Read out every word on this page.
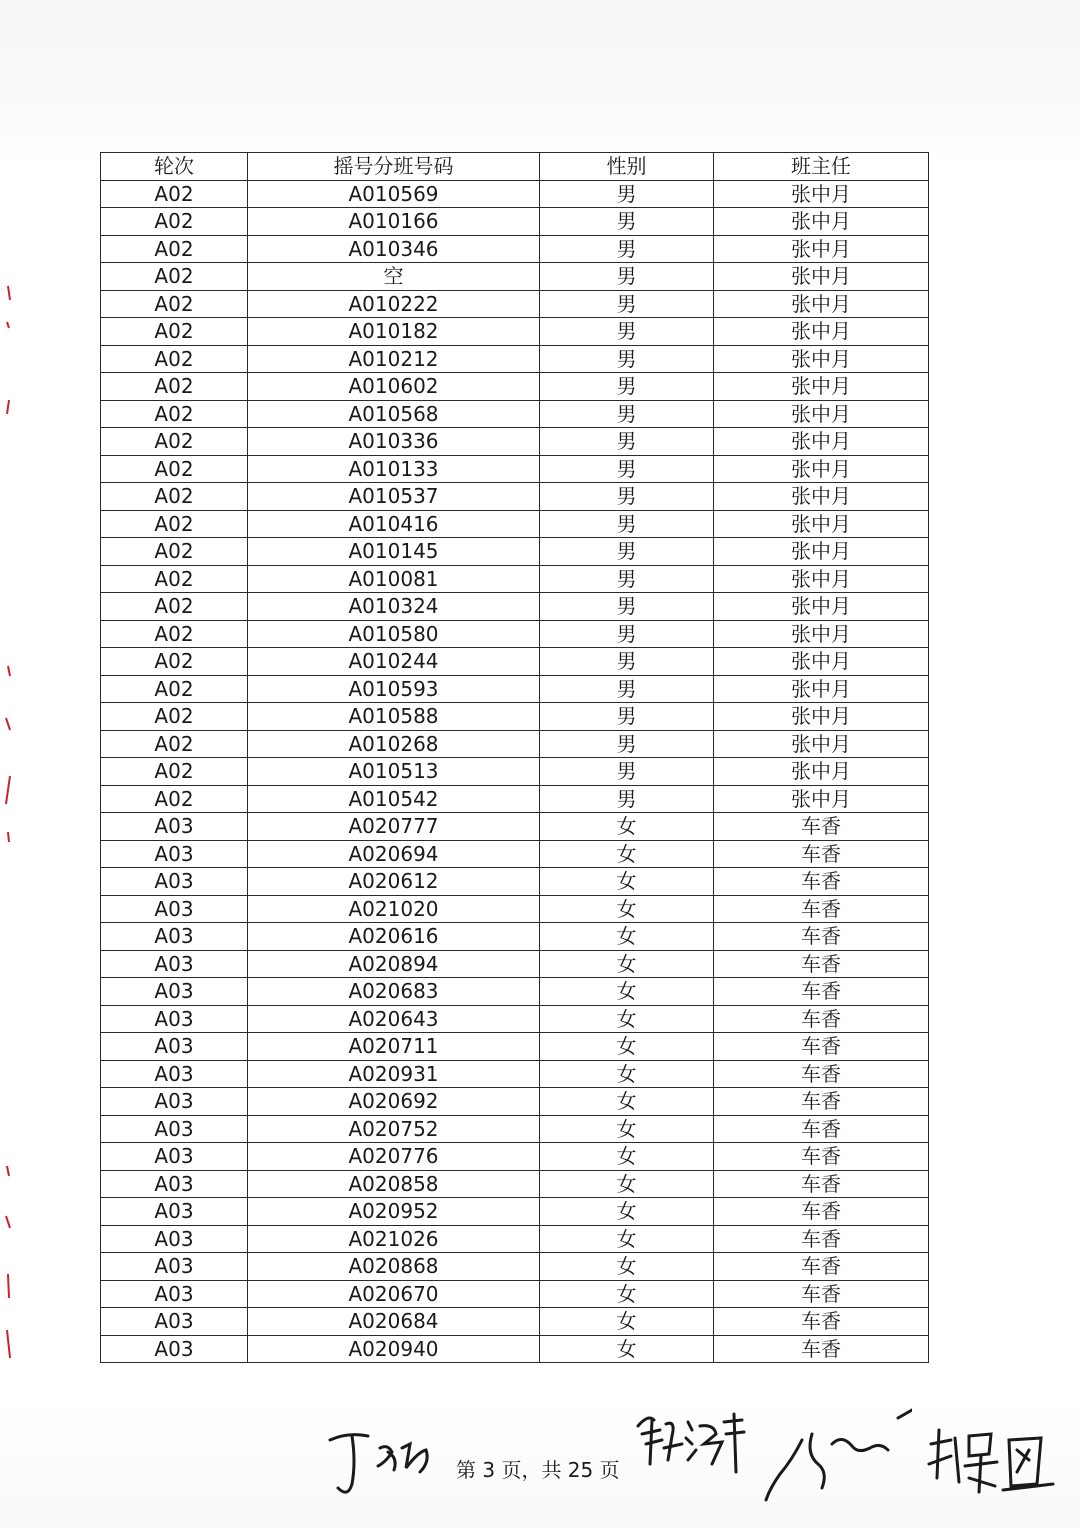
轮次	摇号分班号码	性别	班主任
A02	A010569	男	张中月
A02	A010166	男	张中月
A02	A010346	男	张中月
A02	空	男	张中月
A02	A010222	男	张中月
A02	A010182	男	张中月
A02	A010212	男	张中月
A02	A010602	男	张中月
A02	A010568	男	张中月
A02	A010336	男	张中月
A02	A010133	男	张中月
A02	A010537	男	张中月
A02	A010416	男	张中月
A02	A010145	男	张中月
A02	A010081	男	张中月
A02	A010324	男	张中月
A02	A010580	男	张中月
A02	A010244	男	张中月
A02	A010593	男	张中月
A02	A010588	男	张中月
A02	A010268	男	张中月
A02	A010513	男	张中月
A02	A010542	男	张中月
A03	A020777	女	车香
A03	A020694	女	车香
A03	A020612	女	车香
A03	A021020	女	车香
A03	A020616	女	车香
A03	A020894	女	车香
A03	A020683	女	车香
A03	A020643	女	车香
A03	A020711	女	车香
A03	A020931	女	车香
A03	A020692	女	车香
A03	A020752	女	车香
A03	A020776	女	车香
A03	A020858	女	车香
A03	A020952	女	车香
A03	A021026	女	车香
A03	A020868	女	车香
A03	A020670	女	车香
A03	A020684	女	车香
A03	A020940	女	车香
第 3 页，共 25 页
